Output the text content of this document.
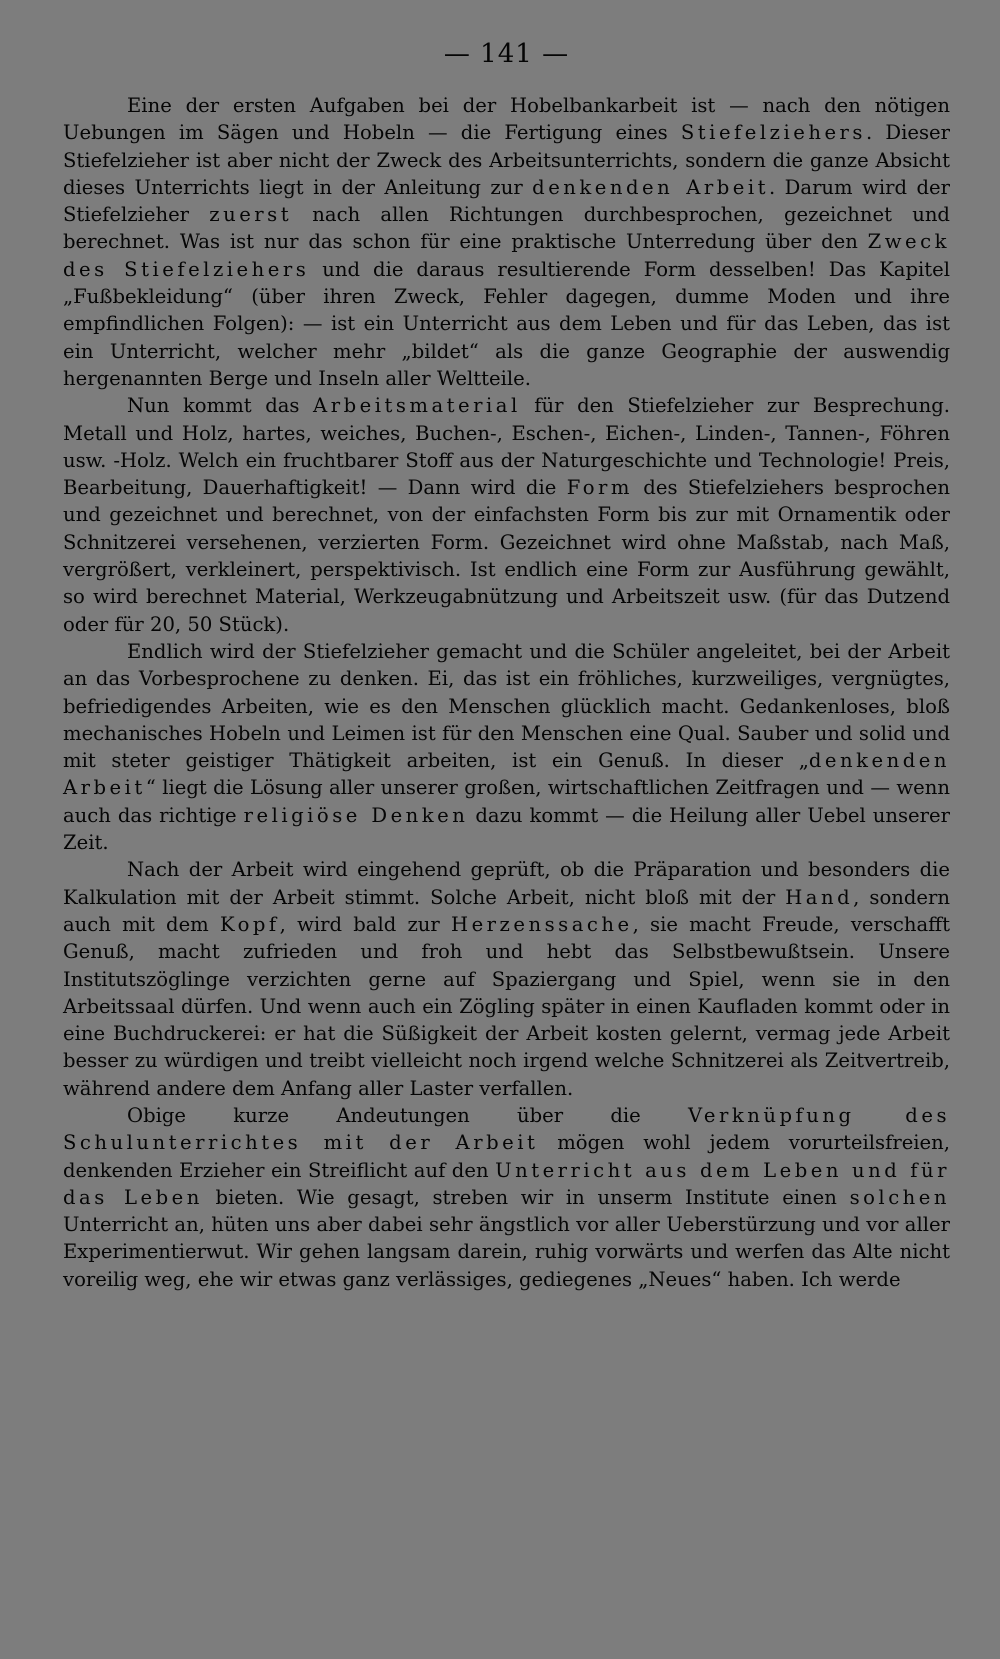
— 141 —

Eine der ersten Aufgaben bei der Hobelbankarbeit ist — nach den nötigen Uebungen im Sägen und Hobeln — die Fertigung eines Stiefelziehers. Dieser Stiefelzieher ist aber nicht der Zweck des Arbeitsunterrichts, sondern die ganze Absicht dieses Unterrichts liegt in der Anleitung zur denkenden Arbeit. Darum wird der Stiefelzieher zuerst nach allen Richtungen durchbesprochen, gezeichnet und berechnet. Was ist nur das schon für eine praktische Unterredung über den Zweck des Stiefelziehers und die daraus resultierende Form desselben! Das Kapitel „Fußbekleidung“ (über ihren Zweck, Fehler dagegen, dumme Moden und ihre empfindlichen Folgen): — ist ein Unterricht aus dem Leben und für das Leben, das ist ein Unterricht, welcher mehr „bildet“ als die ganze Geographie der auswendig hergenannten Berge und Inseln aller Weltteile.

Nun kommt das Arbeitsmaterial für den Stiefelzieher zur Besprechung. Metall und Holz, hartes, weiches, Buchen-, Eschen-, Eichen-, Linden-, Tannen-, Föhren usw. -Holz. Welch ein fruchtbarer Stoff aus der Naturgeschichte und Technologie! Preis, Bearbeitung, Dauerhaftigkeit! — Dann wird die Form des Stiefelziehers besprochen und gezeichnet und berechnet, von der einfachsten Form bis zur mit Ornamentik oder Schnitzerei versehenen, verzierten Form. Gezeichnet wird ohne Maßstab, nach Maß, vergrößert, verkleinert, perspektivisch. Ist endlich eine Form zur Ausführung gewählt, so wird berechnet Material, Werkzeugabnützung und Arbeitszeit usw. (für das Dutzend oder für 20, 50 Stück).

Endlich wird der Stiefelzieher gemacht und die Schüler angeleitet, bei der Arbeit an das Vorbesprochene zu denken. Ei, das ist ein fröhliches, kurzweiliges, vergnügtes, befriedigendes Arbeiten, wie es den Menschen glücklich macht. Gedankenloses, bloß mechanisches Hobeln und Leimen ist für den Menschen eine Qual. Sauber und solid und mit steter geistiger Thätigkeit arbeiten, ist ein Genuß. In dieser „denkenden Arbeit“ liegt die Lösung aller unserer großen, wirtschaftlichen Zeitfragen und — wenn auch das richtige religiöse Denken dazu kommt — die Heilung aller Uebel unserer Zeit.

Nach der Arbeit wird eingehend geprüft, ob die Präparation und besonders die Kalkulation mit der Arbeit stimmt. Solche Arbeit, nicht bloß mit der Hand, sondern auch mit dem Kopf, wird bald zur Herzenssache, sie macht Freude, verschafft Genuß, macht zufrieden und froh und hebt das Selbstbewußtsein. Unsere Institutszöglinge verzichten gerne auf Spaziergang und Spiel, wenn sie in den Arbeitssaal dürfen. Und wenn auch ein Zögling später in einen Kaufladen kommt oder in eine Buchdruckerei: er hat die Süßigkeit der Arbeit kosten gelernt, vermag jede Arbeit besser zu würdigen und treibt vielleicht noch irgend welche Schnitzerei als Zeitvertreib, während andere dem Anfang aller Laster verfallen.

Obige kurze Andeutungen über die Verknüpfung des Schulunterrichtes mit der Arbeit mögen wohl jedem vorurteilsfreien, denkenden Erzieher ein Streiflicht auf den Unterricht aus dem Leben und für das Leben bieten. Wie gesagt, streben wir in unserm Institute einen solchen Unterricht an, hüten uns aber dabei sehr ängstlich vor aller Ueberstürzung und vor aller Experimentierwut. Wir gehen langsam darein, ruhig vorwärts und werfen das Alte nicht voreilig weg, ehe wir etwas ganz verlässiges, gediegenes „Neues“ haben. Ich werde
